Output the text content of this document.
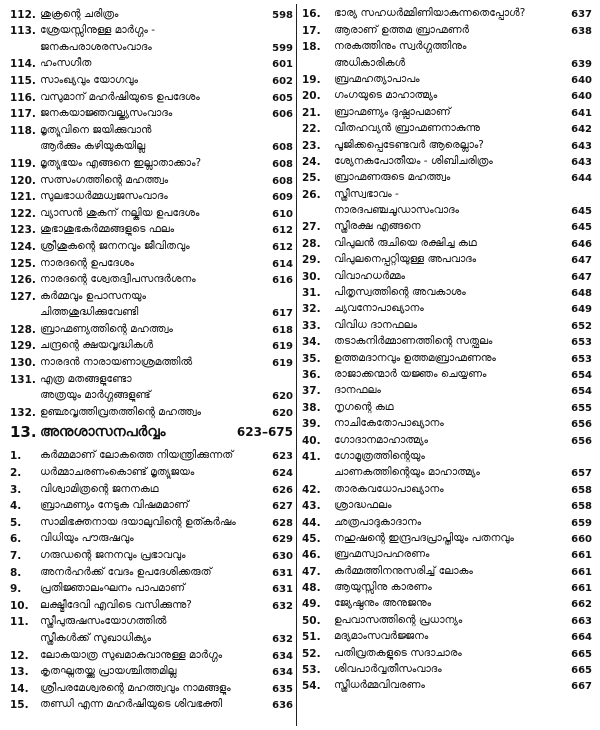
112. ശുക്രന്റെ ചരിത്രം	598
113. ശ്രേയസ്സിനുള്ള മാർഗ്ഗം -
ജനകപരാശരസംവാദം	599
114. ഹംസഗീത	601
115. സാംഖ്യവും യോഗവും	602
116. വസുമാന് മഹർഷിയുടെ ഉപദേശം	605
117. ജനകയാജ്ഞവല്ക്യസംവാദം	606
118. മൃത്യുവിനെ ജയിക്കുവാൻ
ആർക്കും കഴിയുകയില്ല	608
119. മൃത്യുഭയം എങ്ങനെ ഇല്ലാതാക്കാം?	608
120. സത്സംഗത്തിന്റെ മഹത്ത്വം	608
121. സുലഭാധർമ്മധ്വജസംവാദം	609
122. വ്യാസൻ ശുകന് നല്കിയ ഉപദേശം	610
123. ശുഭാശുഭകർമ്മങ്ങളുടെ ഫലം	612
124. ശ്രീശുകന്റെ ജനനവും ജീവിതവും	612
125. നാരദന്റെ ഉപദേശം	614
126. നാരദന്റെ ശ്വേതദ്വീപസന്ദർശനം	616
127. കർമ്മവും ഉപാസനയും
ചിത്തശുദ്ധിക്കുവേണ്ടി	617
128. ബ്രാഹ്മണ്യത്തിന്റെ മഹത്ത്വം	618
129. ചന്ദ്രന്റെ ക്ഷയവൃദ്ധികൾ	619
130. നാരദൻ നാരായണാശ്രമത്തിൽ	619
131. എത്ര മതങ്ങളുണ്ടോ
അത്രയും മാർഗ്ഗങ്ങളുണ്ട്	620
132. ഉഞ്ഛവൃത്തിവ്രതത്തിന്റെ മഹത്ത്വം	620
13. അനുശാസനപർവ്വം	623–675
1.	കർമ്മമാണ് ലോകത്തെ നിയന്ത്രിക്കുന്നത്	623
2.	ധർമ്മാചരണംകൊണ്ട് മൃത്യുജയം	624
3.	വിശ്വാമിത്രന്റെ ജനനകഥ	626
4.	ബ്രാഹ്മണ്യം നേടുക വിഷമമാണ്	627
5.	സാമിഭക്തനായ ദയാലുവിന്റെ ഉത്കർഷം	628
6.	വിധിയും പൗരുഷവും	629
7.	ഗരുഡന്റെ ജനനവും പ്രഭാവവും	630
8.	അനർഹർക്ക് വേദം ഉപദേശിക്കരുത്	631
9.	പ്രതിജ്ഞാലംഘനം പാപമാണ്	631
10.	ലക്ഷ്മീദേവി എവിടെ വസിക്കുന്നു?	632
11.	സ്ത്രീപുരുഷസംയോഗത്തിൽ
സ്ത്രീകൾക്ക് സുഖാധിക്യം	632
12.	ലോകയാത്ര സുഖമാകുവാനുള്ള മാർഗ്ഗം	634
13.	കൃതഘ്നതയ്ക്കു പ്രായശ്ചിത്തമില്ല	634
14.	ശ്രീപരമേശ്വരന്റെ മഹത്ത്വവും നാമങ്ങളും	635
15.	തണ്ഡി എന്ന മഹർഷിയുടെ ശിവഭക്തി	636
16.	ഭാര്യ സഹധർമ്മിണിയാകുന്നതെപ്പോൾ?	637
17.	ആരാണ് ഉത്തമ ബ്രാഹ്മണർ	638
18.	നരകത്തിനും സ്വർഗ്ഗത്തിനും
അധികാരികൾ	639
19.	ബ്രഹ്മഹത്യാപാപം	640
20.	ഗംഗയുടെ മാഹാത്മ്യം	640
21.	ബ്രാഹ്മണ്യം ദുഷ്പ്രാപമാണ്	641
22.	വീതഹവ്യൻ ബ്രാഹ്മണനാകുന്നു	642
23.	പൂജിക്കപ്പെടേണ്ടവർ ആരെല്ലാം?	643
24.	ശ്യേനകപോതീയം - ശിബിചരിത്രം	643
25.	ബ്രാഹ്മണരുടെ മഹത്ത്വം	644
26.	സ്ത്രീസ്വഭാവം -
നാരദപഞ്ചചൂഡാസംവാദം	645
27.	സ്ത്രീരക്ഷ എങ്ങനെ	645
28.	വിപുലൻ രുചിയെ രക്ഷിച്ച കഥ	646
29.	വിപുലനെപ്പറ്റിയുള്ള അപവാദം	647
30.	വിവാഹധർമ്മം	647
31.	പിതൃസ്വത്തിന്റെ അവകാശം	648
32.	ച്യവനോപാഖ്യാനം	649
33.	വിവിധ ദാനഫലം	652
34.	തടാകനിർമ്മാണത്തിന്റെ സത്ഫലം	653
35.	ഉത്തമദാനവും ഉത്തമബ്രാഹ്മണനും	653
36.	രാജാക്കന്മാർ യജ്ഞം ചെയ്യണം	654
37.	ദാനഫലം	654
38.	നൃഗന്റെ കഥ	655
39.	നാചികേതോപാഖ്യാനം	656
40.	ഗോദാനമാഹാത്മ്യം	656
41.	ഗോമൂത്രത്തിന്റെയും
ചാണകത്തിന്റെയും മാഹാത്മ്യം	657
42.	താരകവധോപാഖ്യാനം	658
43.	ശ്രാദ്ധഫലം	658
44.	ഛത്രപാദുകാദാനം	659
45.	നഹുഷന്റെ ഇന്ദ്രപദപ്രാപ്തിയും പതനവും	660
46.	ബ്രഹ്മസ്വാപഹരണം	661
47.	കർമ്മത്തിനനുസരിച്ച് ലോകം	661
48.	ആയുസ്സിനു കാരണം	661
49.	ജ്യേഷ്ഠനും അനുജനും	662
50.	ഉപവാസത്തിന്റെ പ്രധാന്യം	663
51.	മദ്യമാംസവർജ്ജനം	664
52.	പതിവ്രതകളുടെ സദാചാരം	665
53.	ശിവപാർവ്വതീസംവാദം	665
54.	സ്ത്രീധർമ്മവിവരണം	667
